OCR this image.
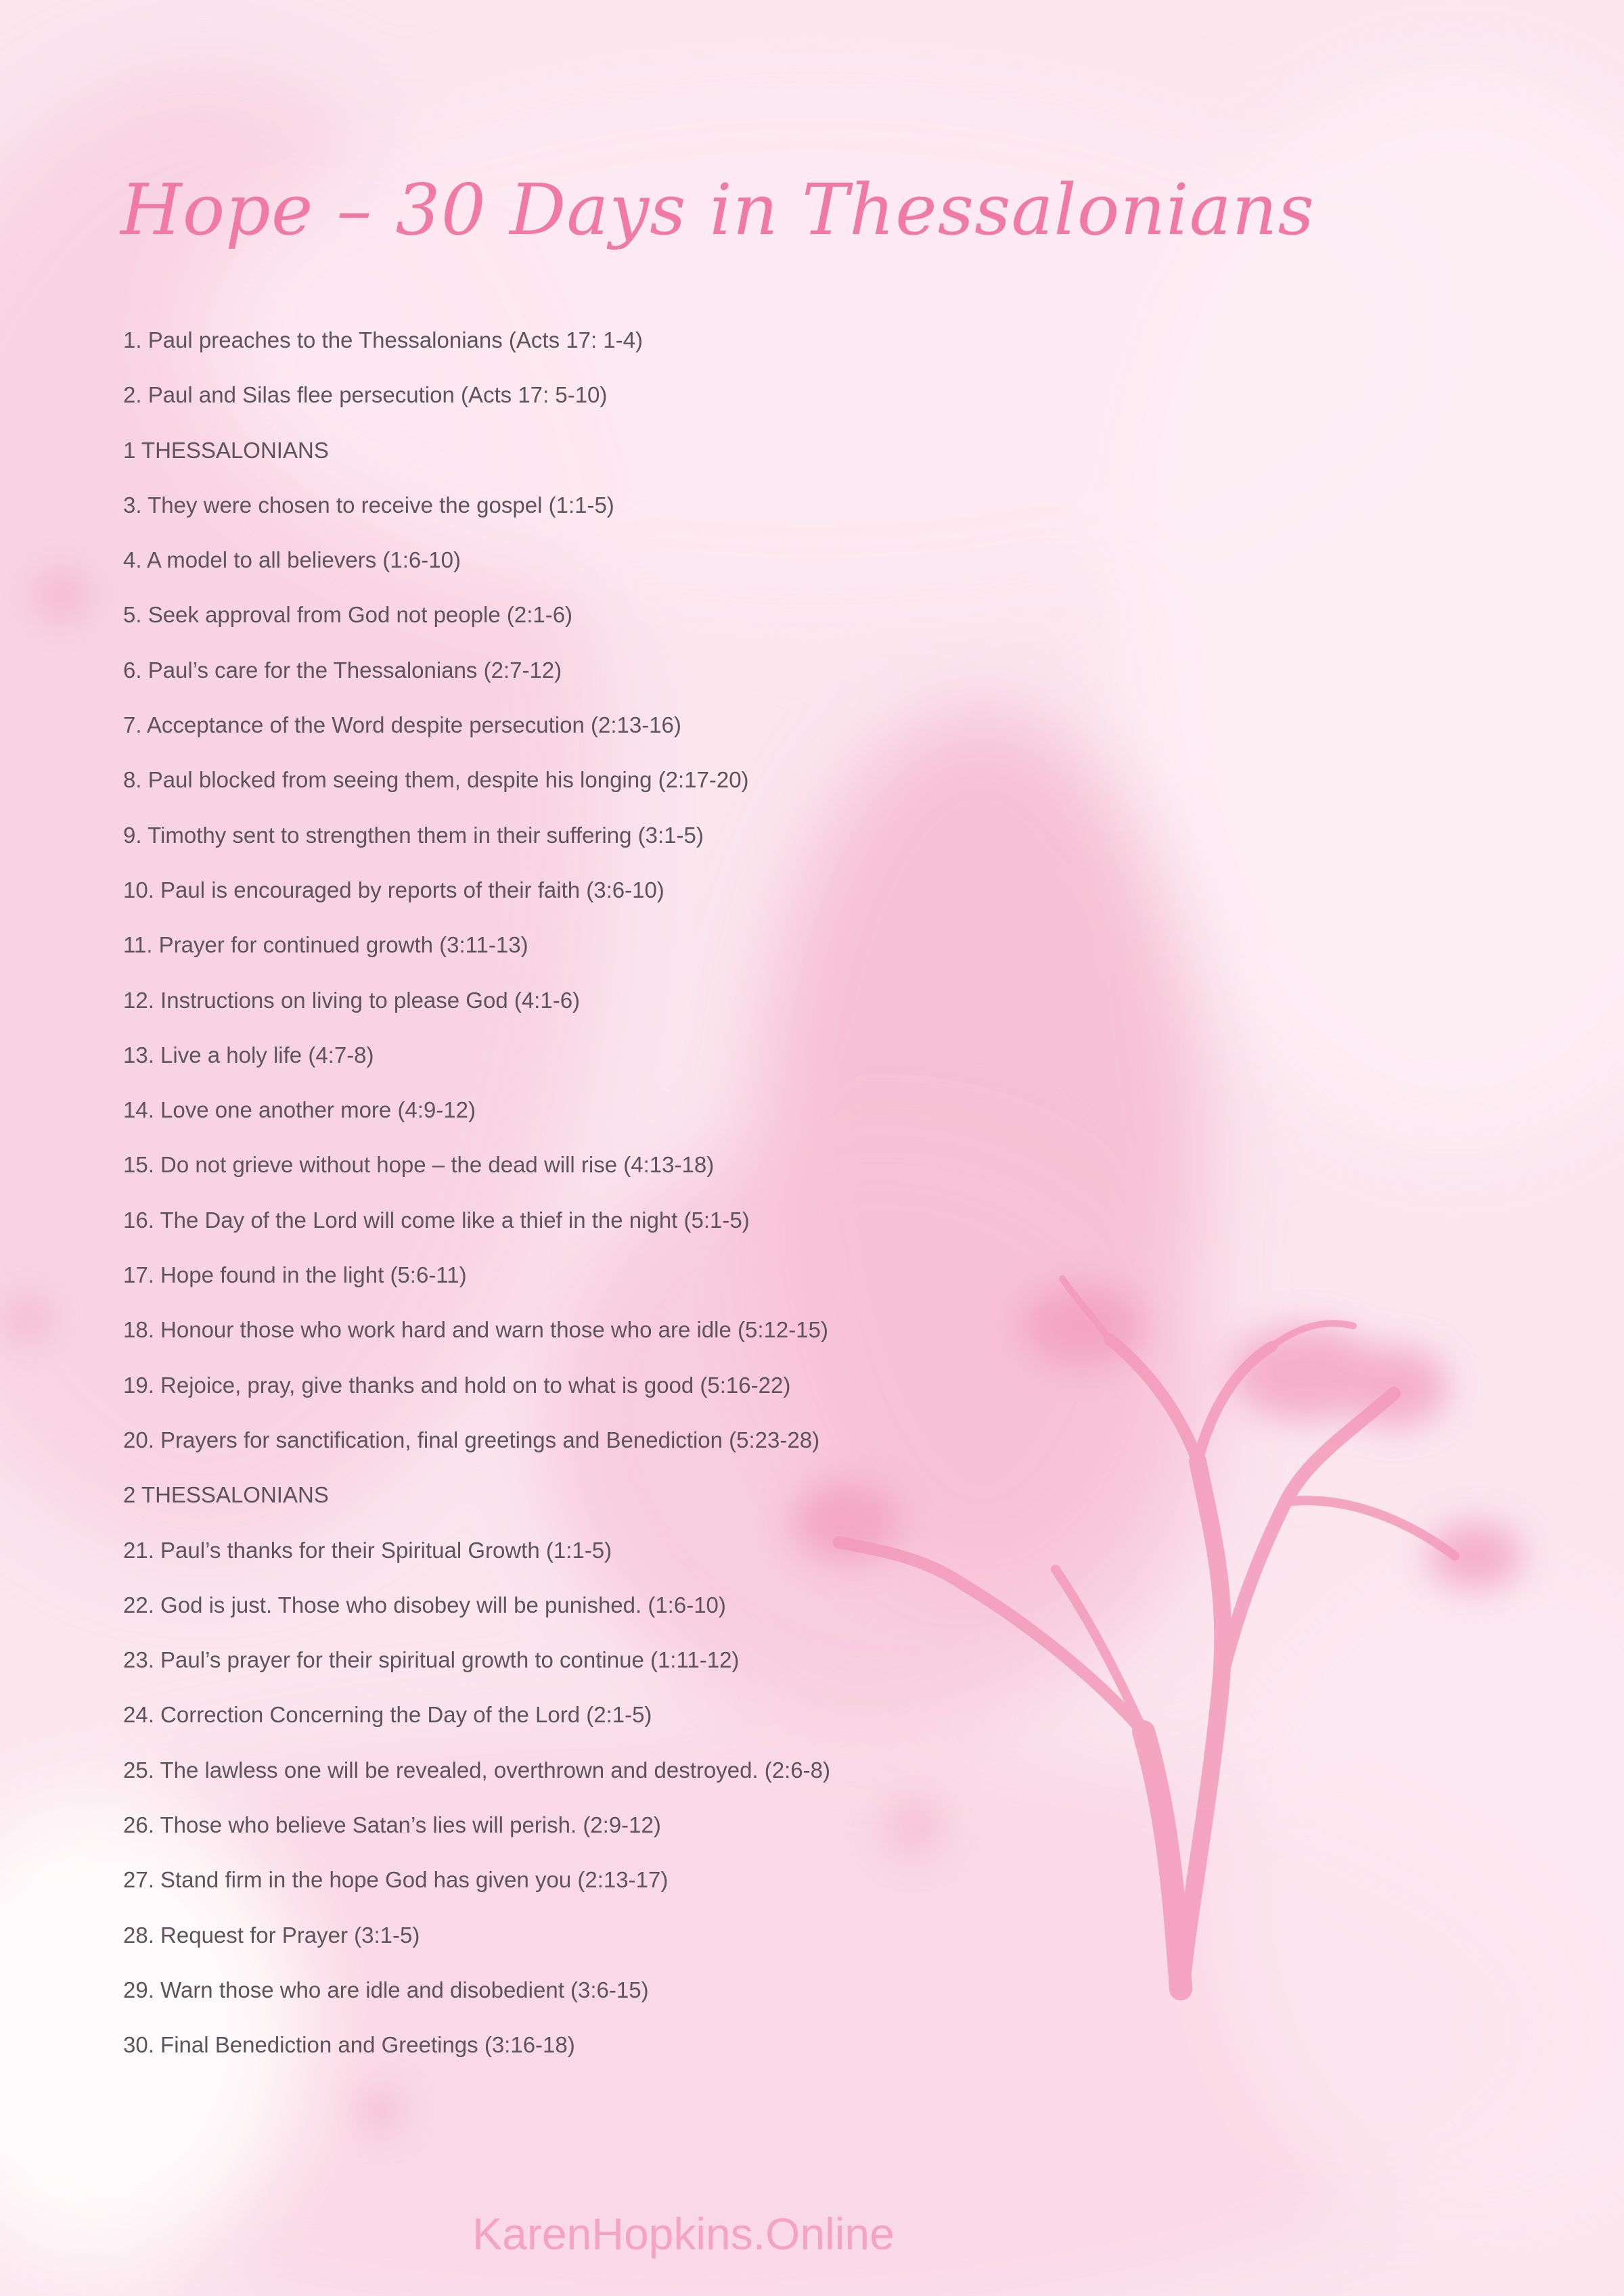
Hope – 30 Days in Thessalonians
1. Paul preaches to the Thessalonians (Acts 17: 1-4)
2. Paul and Silas flee persecution (Acts 17: 5-10)
1 THESSALONIANS
3. They were chosen to receive the gospel (1:1-5)
4. A model to all believers (1:6-10)
5. Seek approval from God not people (2:1-6)
6. Paul’s care for the Thessalonians (2:7-12)
7. Acceptance of the Word despite persecution (2:13-16)
8. Paul blocked from seeing them, despite his longing (2:17-20)
9. Timothy sent to strengthen them in their suffering (3:1-5)
10. Paul is encouraged by reports of their faith (3:6-10)
11. Prayer for continued growth (3:11-13)
12. Instructions on living to please God (4:1-6)
13. Live a holy life (4:7-8)
14. Love one another more (4:9-12)
15. Do not grieve without hope – the dead will rise (4:13-18)
16. The Day of the Lord will come like a thief in the night (5:1-5)
17. Hope found in the light (5:6-11)
18. Honour those who work hard and warn those who are idle (5:12-15)
19. Rejoice, pray, give thanks and hold on to what is good (5:16-22)
20. Prayers for sanctification, final greetings and Benediction (5:23-28)
2 THESSALONIANS
21. Paul’s thanks for their Spiritual Growth (1:1-5)
22. God is just. Those who disobey will be punished. (1:6-10)
23. Paul’s prayer for their spiritual growth to continue (1:11-12)
24. Correction Concerning the Day of the Lord (2:1-5)
25. The lawless one will be revealed, overthrown and destroyed. (2:6-8)
26. Those who believe Satan’s lies will perish. (2:9-12)
27. Stand firm in the hope God has given you (2:13-17)
28. Request for Prayer (3:1-5)
29. Warn those who are idle and disobedient (3:6-15)
30. Final Benediction and Greetings (3:16-18)
KarenHopkins.Online
